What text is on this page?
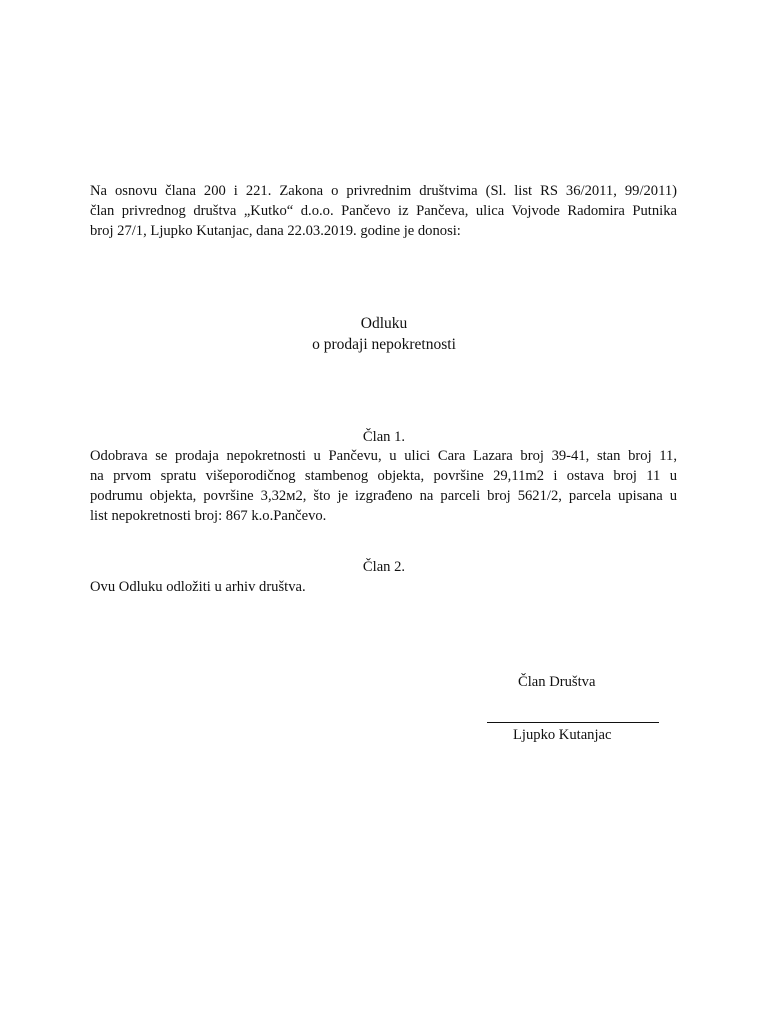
Na osnovu člana 200 i 221. Zakona o privrednim društvima (Sl. list RS 36/2011, 99/2011)
član privrednog društva „Kutko“ d.o.o. Pančevo iz Pančeva, ulica Vojvode Radomira Putnika
broj 27/1, Ljupko Kutanjac, dana 22.03.2019. godine je donosi:
Odluku
o prodaji nepokretnosti
Član 1.
Odobrava se prodaja nepokretnosti u Pančevu, u ulici Cara Lazara broj 39-41, stan broj 11,
na prvom spratu višeporodičnog stambenog objekta, površine 29,11m2 i ostava broj 11 u
podrumu objekta, površine 3,32м2, što je izgrađeno na parceli broj 5621/2, parcela upisana u
list nepokretnosti broj: 867 k.o.Pančevo.
Član 2.
Ovu Odluku odložiti u arhiv društva.
Član Društva
Ljupko Kutanjac
